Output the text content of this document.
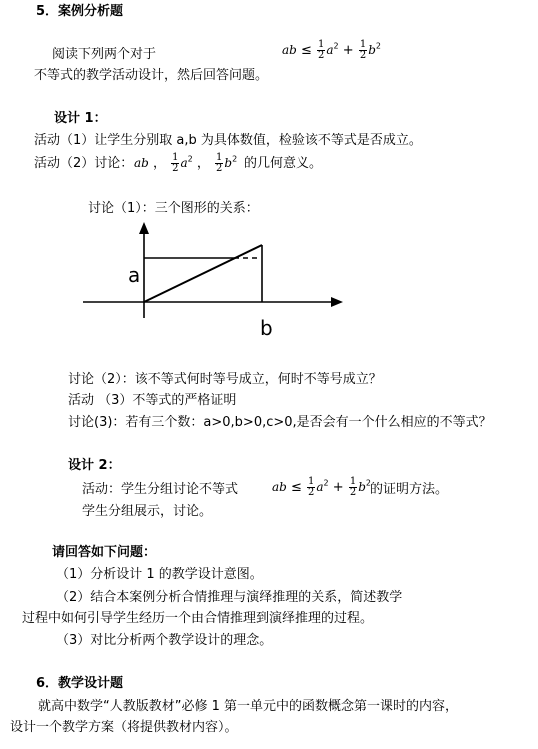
5．案例分析题
阅读下列两个对于	ab ≤ $\frac{1}{2} a^2 + \frac{1}{2} b^2$
不等式的教学活动设计，然后回答问题。
设计 1：
活动（1）让学生分别取 a,b 为具体数值，检验该不等式是否成立。
活动（2）讨论： ab ， $\frac{1}{2} a^2$ ， $\frac{1}{2} b^2$ 的几何意义。
讨论（1）：三个图形的关系：
a
b
讨论（2）：该不等式何时等号成立，何时不等号成立？
活动 （3）不等式的严格证明
讨论(3)：若有三个数：a>0,b>0,c>0,是否会有一个什么相应的不等式？
设计 2：
活动：学生分组讨论不等式	ab ≤ $\frac{1}{2} a^2 + \frac{1}{2} b^2$ 的证明方法。
学生分组展示，讨论。
请回答如下问题：
（1）分析设计 1 的教学设计意图。
（2）结合本案例分析合情推理与演绎推理的关系，简述教学
过程中如何引导学生经历一个由合情推理到演绎推理的过程。
（3）对比分析两个教学设计的理念。
6．教学设计题
就高中数学“人教版教材”必修 1 第一单元中的函数概念第一课时的内容，
设计一个教学方案（将提供教材内容）。
